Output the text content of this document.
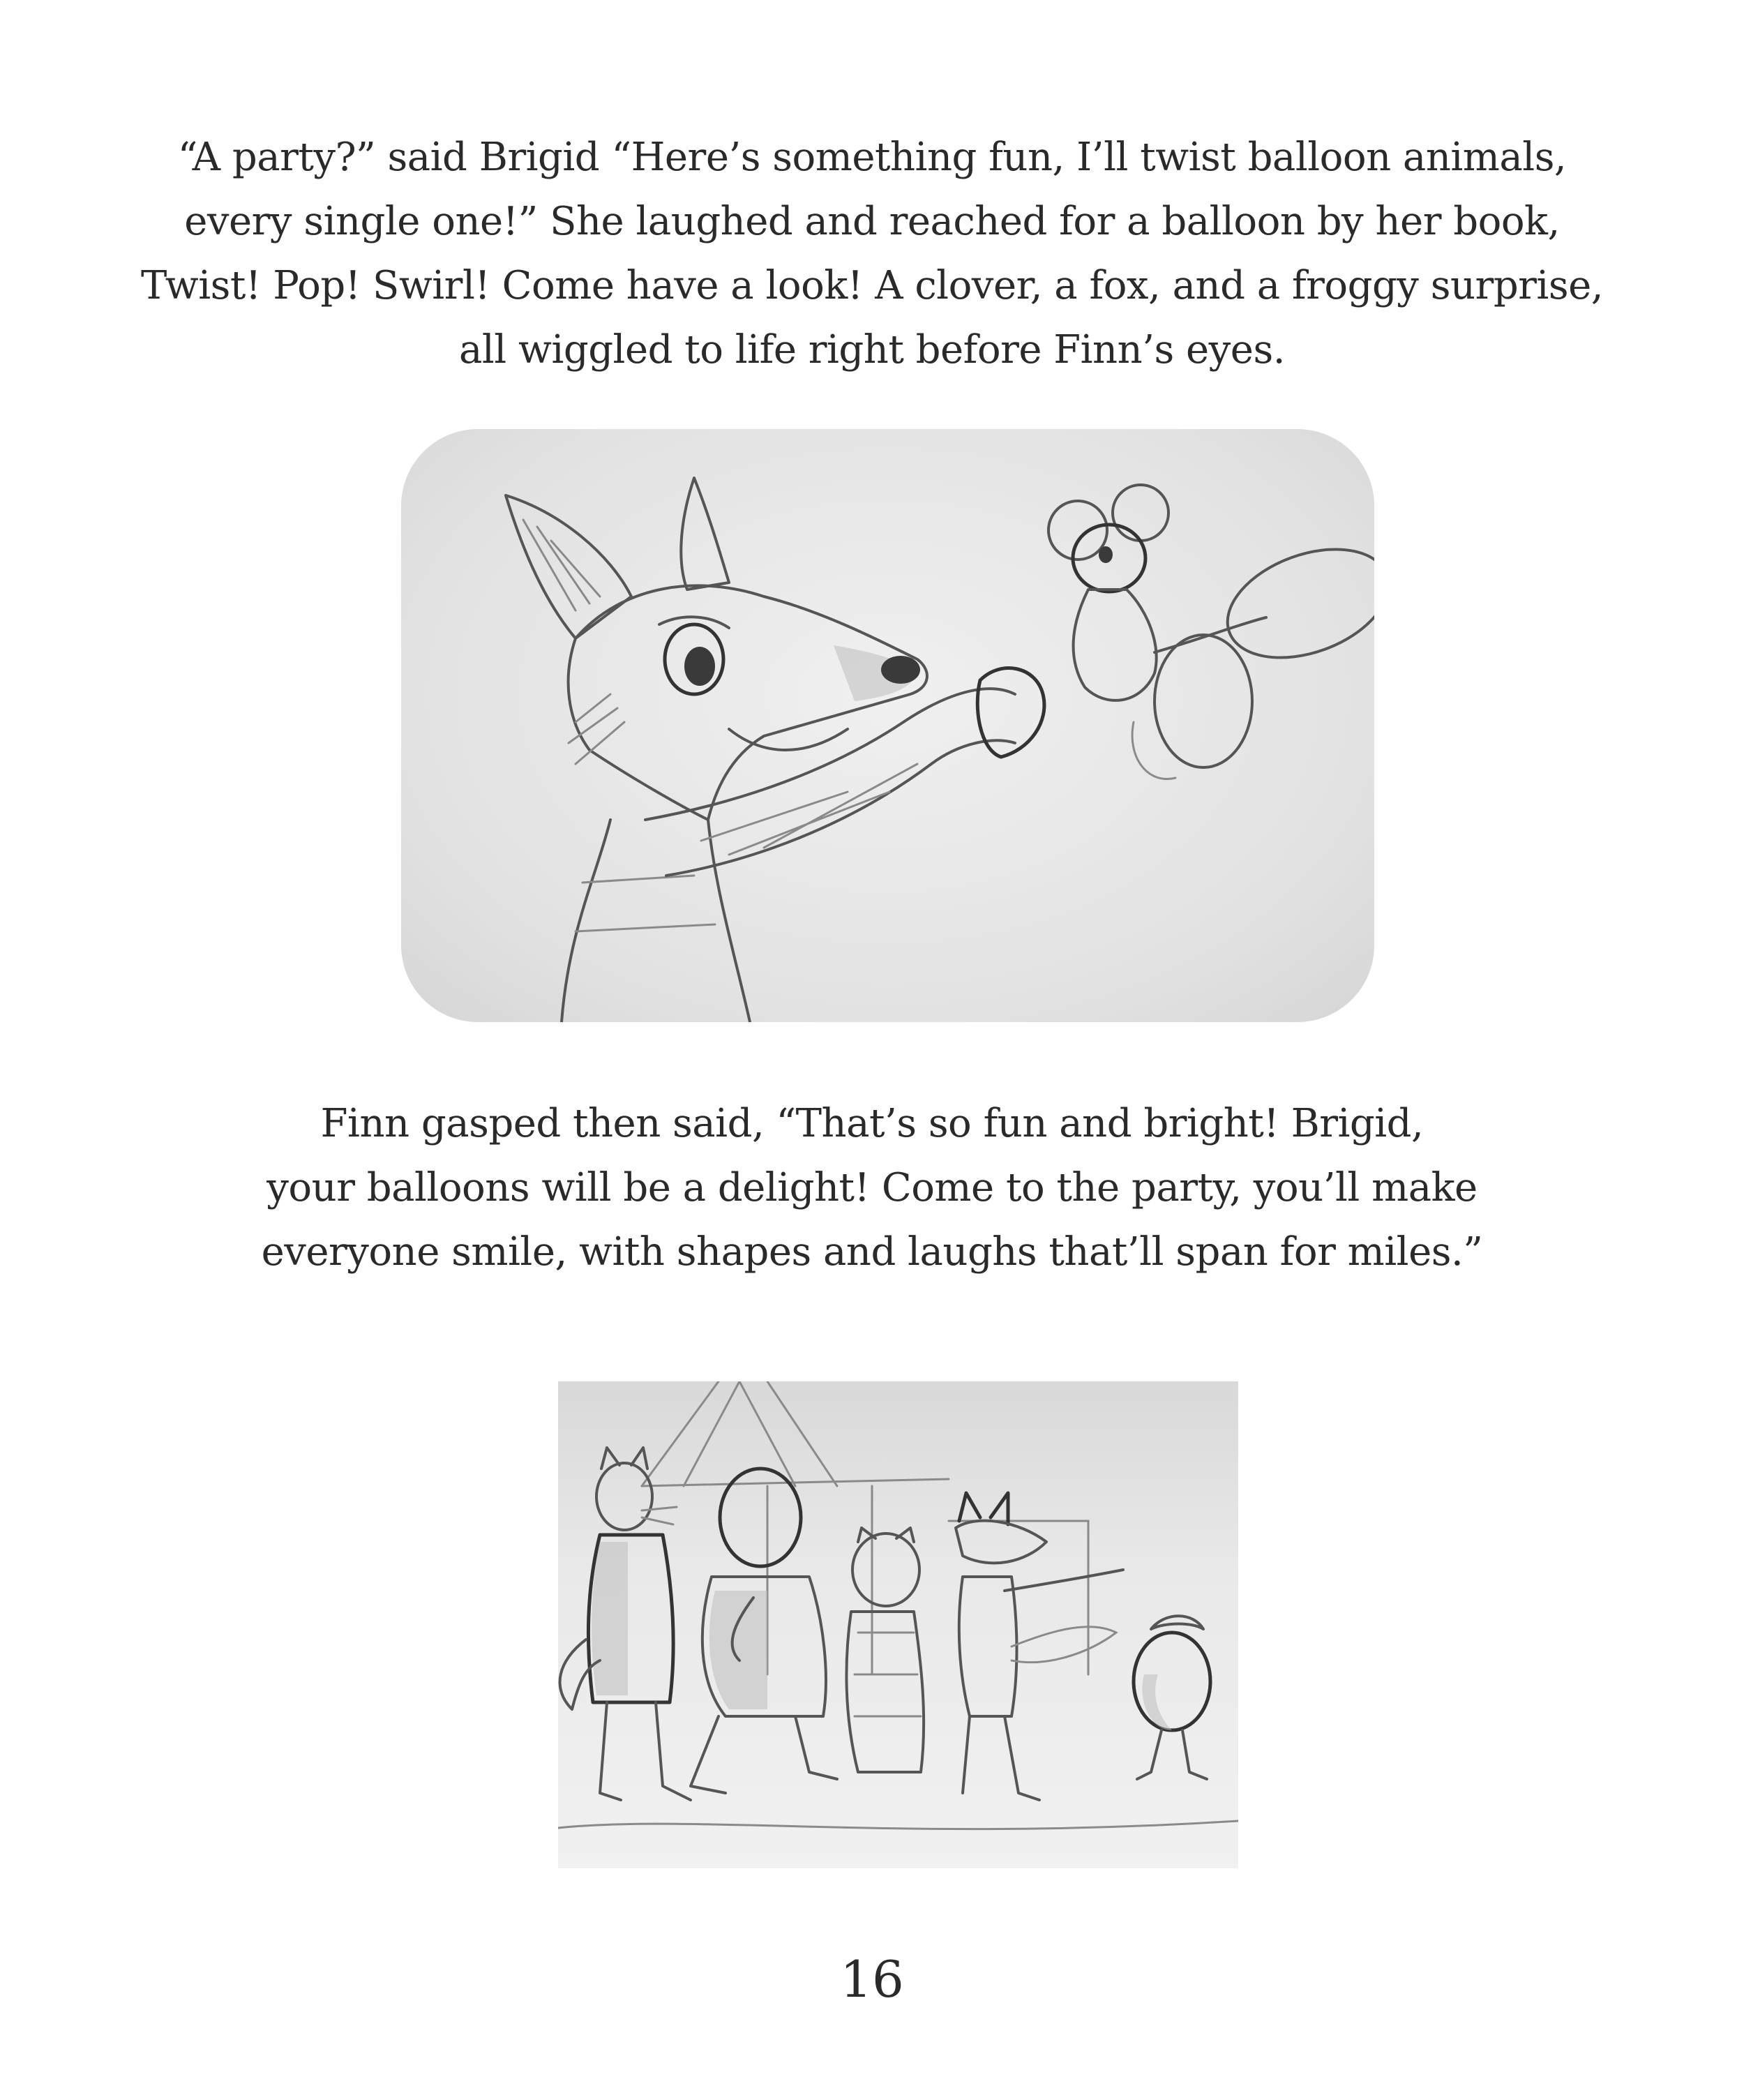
“A party?” said Brigid “Here’s something fun, I’ll twist balloon animals,
every single one!” She laughed and reached for a balloon by her book,
Twist! Pop! Swirl! Come have a look! A clover, a fox, and a froggy surprise,
all wiggled to life right before Finn’s eyes.
Finn gasped then said, “That’s so fun and bright! Brigid,
your balloons will be a delight! Come to the party, you’ll make
everyone smile, with shapes and laughs that’ll span for miles.”
16
